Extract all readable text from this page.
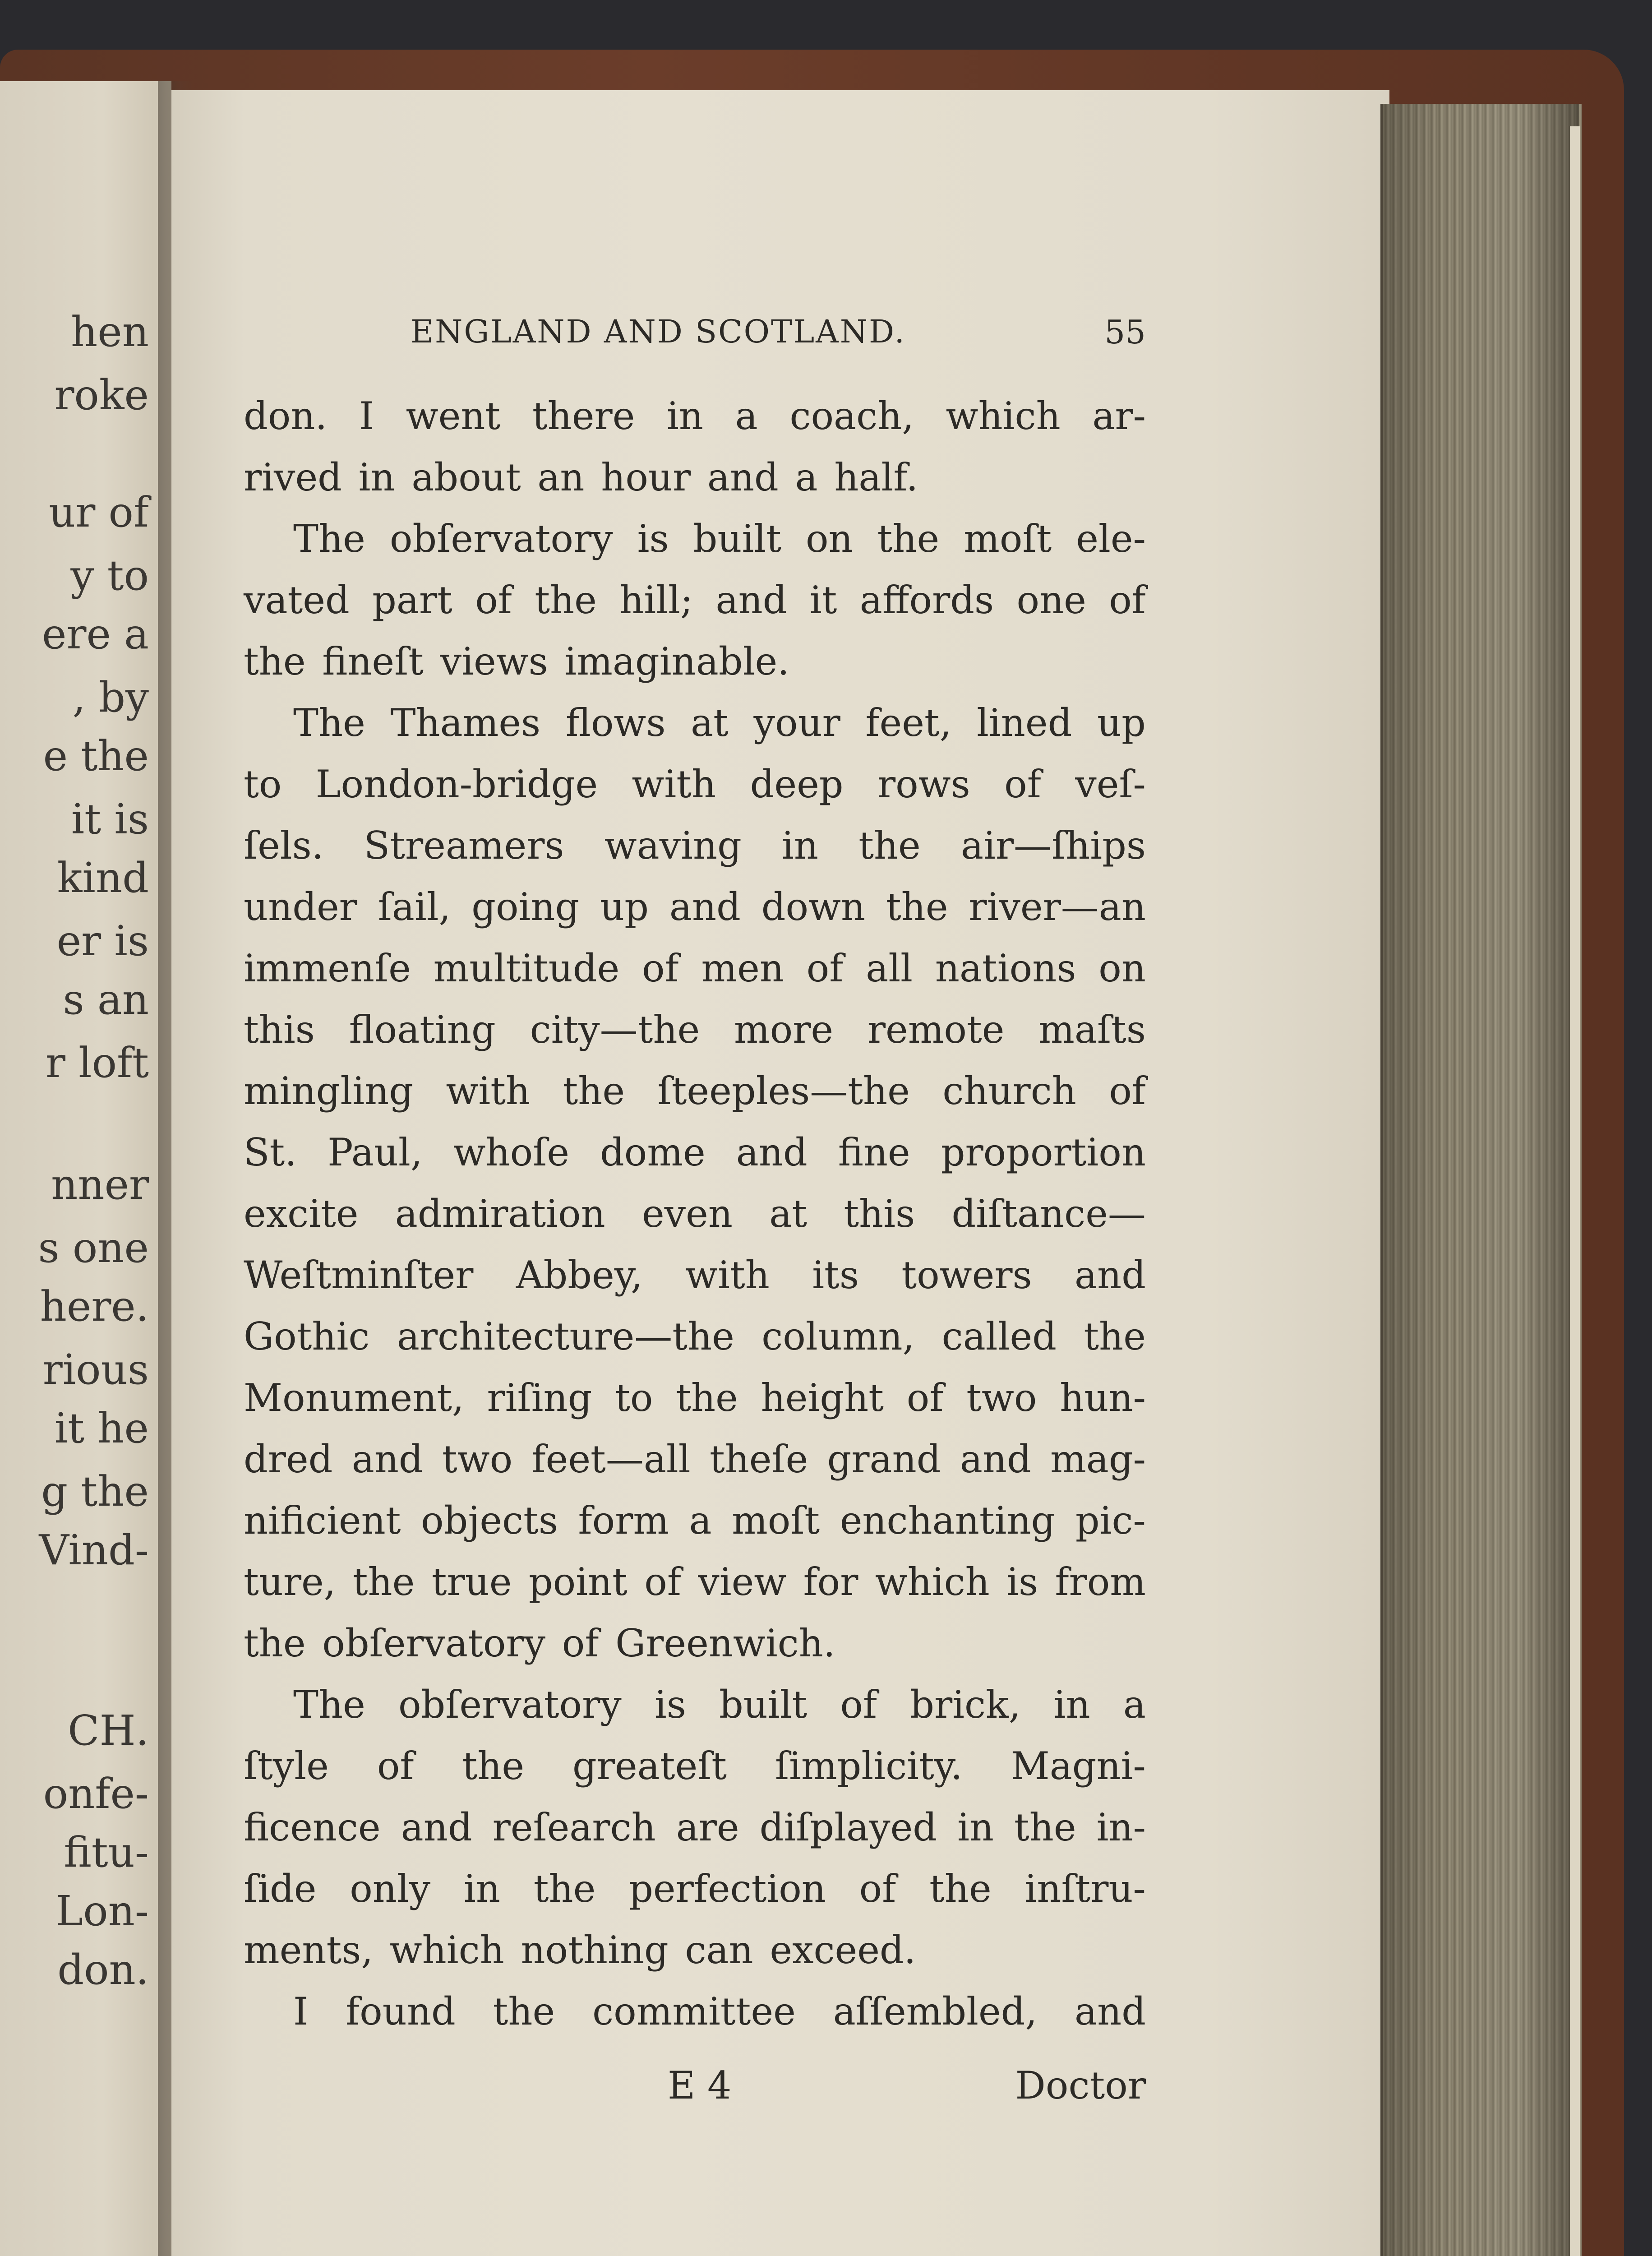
hen
roke
ur of
y to
ere a
, by
e the
it is
kind
er is
s an
r loft
nner
s one
here.
rious
it he
g the
Vind-
CH.
onfe-
fitu-
Lon-
don.
ENGLAND AND SCOTLAND.	55
don. I went there in a coach, which ar-
rived
in
about
an
hour
and
a
half.
The obſervatory is built on the moſt ele-
vated part of the hill; and it affords one of
the
fineſt
views
imaginable.
The Thames flows at your feet, lined up
to London-bridge with deep rows of veſ-
ſels. Streamers waving in the air—ſhips
under ſail, going up and down the river—an
immenſe multitude of men of all nations on
this floating city—the more remote maſts
mingling with the ſteeples—the church of
St. Paul, whoſe dome and fine proportion
excite admiration even at this diſtance—
Weſtminſter Abbey, with its towers and
Gothic architecture—the column, called the
Monument, riſing to the height of two hun-
dred and two feet—all theſe grand and mag-
nificient objects form a moſt enchanting pic-
ture, the true point of view for which is from
the
obſervatory
of
Greenwich.
The obſervatory is built of brick, in a
ſtyle of the greateſt ſimplicity. Magni-
ficence and reſearch are diſplayed in the in-
ſide only in the perfection of the inſtru-
ments,
which
nothing
can
exceed.
I found the committee aſſembled, and
E 4	Doctor
